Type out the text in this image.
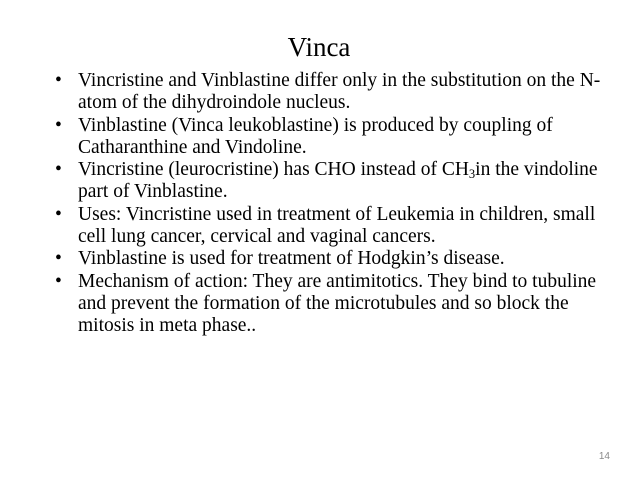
Vinca
• Vincristine and Vinblastine differ only in the substitution on the N-atom of the dihydroindole nucleus.
• Vinblastine (Vinca leukoblastine) is produced by coupling of Catharanthine and Vindoline.
• Vincristine (leurocristine) has CHO instead of $CH_3in$ the vindoline part of Vinblastine.
• Uses: Vincristine used in treatment of Leukemia in children, small cell lung cancer, cervical and vaginal cancers.
• Vinblastine is used for treatment of Hodgkin’s disease.
• Mechanism of action: They are antimitotics. They bind to tubuline and prevent the formation of the microtubules and so block the mitosis in meta phase..
14
